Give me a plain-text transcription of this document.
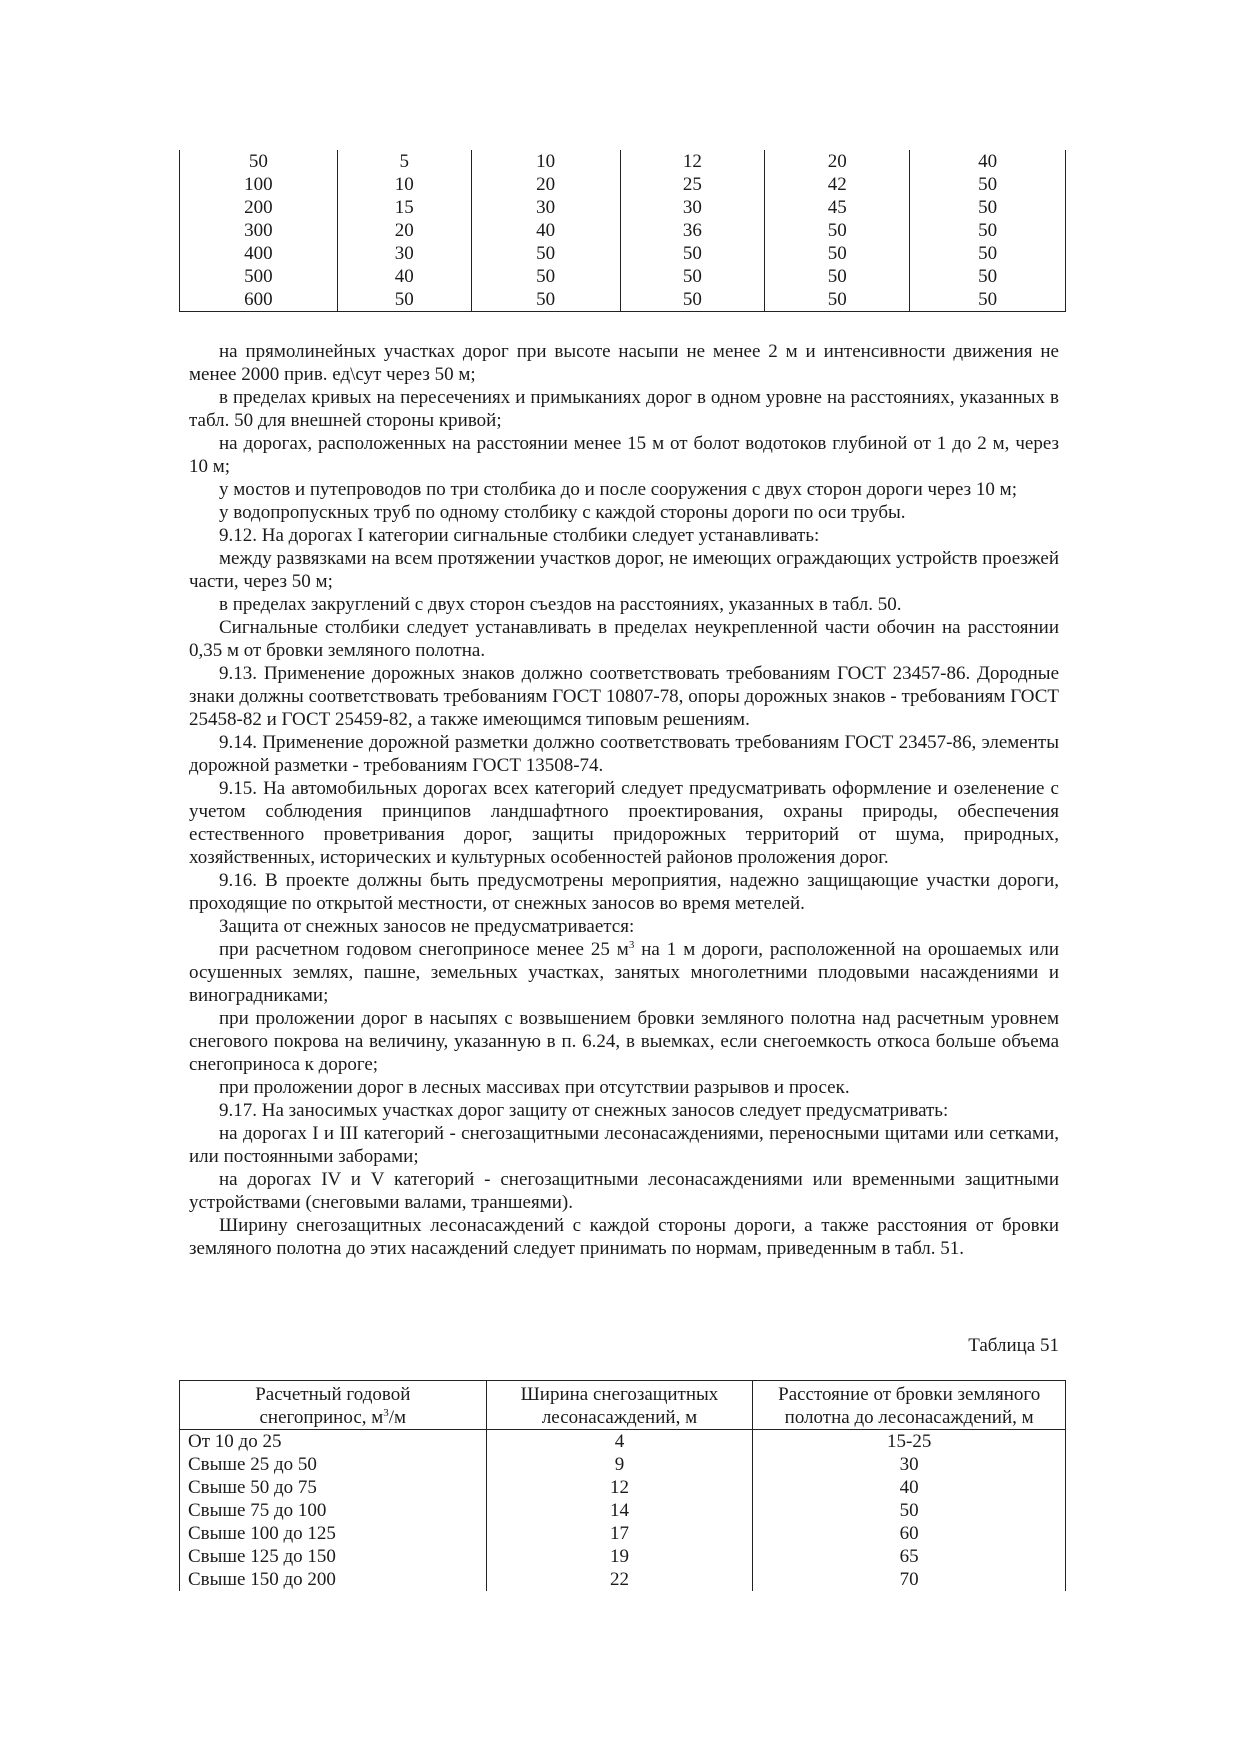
50	5	10	12	20	40
100	10	20	25	42	50
200	15	30	30	45	50
300	20	40	36	50	50
400	30	50	50	50	50
500	40	50	50	50	50
600	50	50	50	50	50

на прямолинейных участках дорог при высоте насыпи не менее 2 м и интенсивности движения не менее 2000 прив. ед\сут через 50 м;

в пределах кривых на пересечениях и примыканиях дорог в одном уровне на расстояниях, указанных в табл. 50 для внешней стороны кривой;

на дорогах, расположенных на расстоянии менее 15 м от болот водотоков глубиной от 1 до 2 м, через 10 м;

у мостов и путепроводов по три столбика до и после сооружения с двух сторон дороги через 10 м;

у водопропускных труб по одному столбику с каждой стороны дороги по оси трубы.

9.12. На дорогах I категории сигнальные столбики следует устанавливать:

между развязками на всем протяжении участков дорог, не имеющих ограждающих устройств проезжей части, через 50 м;

в пределах закруглений с двух сторон съездов на расстояниях, указанных в табл. 50.

Сигнальные столбики следует устанавливать в пределах неукрепленной части обочин на расстоянии 0,35 м от бровки земляного полотна.

9.13. Применение дорожных знаков должно соответствовать требованиям ГОСТ 23457-86. Дородные знаки должны соответствовать требованиям ГОСТ 10807-78, опоры дорожных знаков - требованиям ГОСТ 25458-82 и ГОСТ 25459-82, а также имеющимся типовым решениям.

9.14. Применение дорожной разметки должно соответствовать требованиям ГОСТ 23457-86, элементы дорожной разметки - требованиям ГОСТ 13508-74.

9.15. На автомобильных дорогах всех категорий следует предусматривать оформление и озеленение с учетом соблюдения принципов ландшафтного проектирования, охраны природы, обеспечения естественного проветривания дорог, защиты придорожных территорий от шума, природных, хозяйственных, исторических и культурных особенностей районов проложения дорог.

9.16. В проекте должны быть предусмотрены мероприятия, надежно защищающие участки дороги, проходящие по открытой местности, от снежных заносов во время метелей.

Защита от снежных заносов не предусматривается:

при расчетном годовом снегоприносе менее 25 $м^3$ на 1 м дороги, расположенной на орошаемых или осушенных землях, пашне, земельных участках, занятых многолетними плодовыми насаждениями и виноградниками;

при проложении дорог в насыпях с возвышением бровки земляного полотна над расчетным уровнем снегового покрова на величину, указанную в п. 6.24, в выемках, если снегоемкость откоса больше объема снегоприноса к дороге;

при проложении дорог в лесных массивах при отсутствии разрывов и просек.

9.17. На заносимых участках дорог защиту от снежных заносов следует предусматривать:

на дорогах I и III категорий - снегозащитными лесонасаждениями, переносными щитами или сетками, или постоянными заборами;

на дорогах IV и V категорий - снегозащитными лесонасаждениями или временными защитными устройствами (снеговыми валами, траншеями).

Ширину снегозащитных лесонасаждений с каждой стороны дороги, а также расстояния от бровки земляного полотна до этих насаждений следует принимать по нормам, приведенным в табл. 51.

Таблица 51
Расчетный годовой
снегопринос, $м^3/м$	Ширина снегозащитных лесонасаждений, м	Расстояние от бровки земляного полотна до лесонасаждений, м
От 10 до 25	4	15-25
Свыше 25 до 50	9	30
Свыше 50 до 75	12	40
Свыше 75 до 100	14	50
Свыше 100 до 125	17	60
Свыше 125 до 150	19	65
Свыше 150 до 200	22	70
